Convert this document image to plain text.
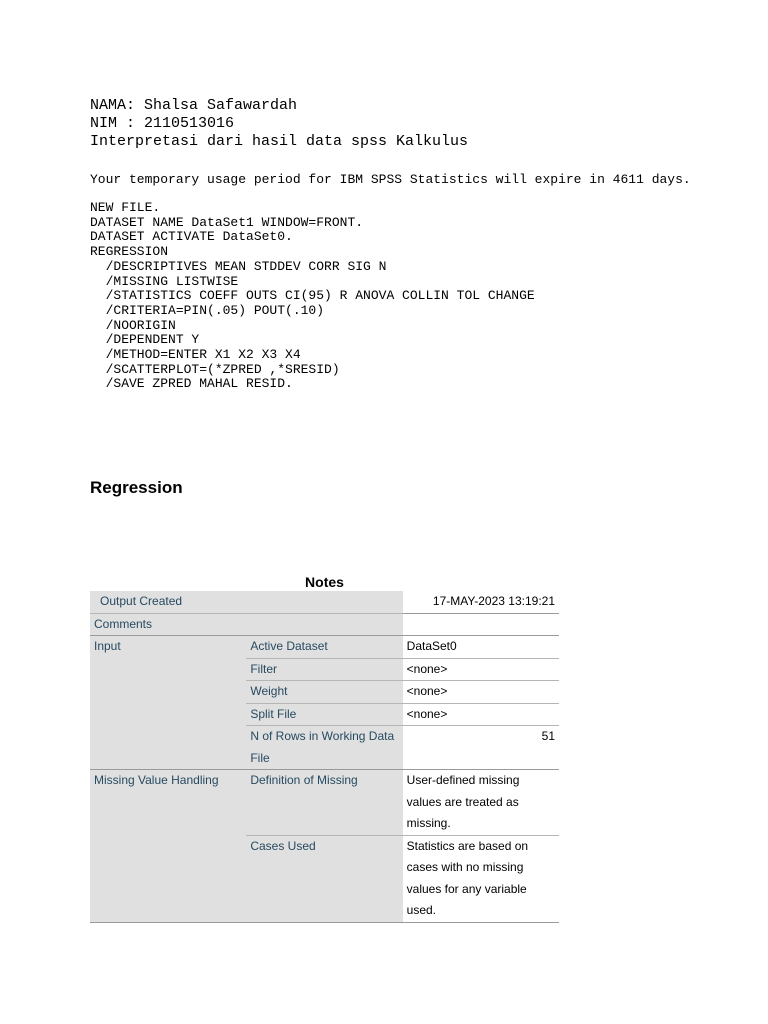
NAMA: Shalsa Safawardah
NIM : 2110513016
Interpretasi dari hasil data spss Kalkulus
Your temporary usage period for IBM SPSS Statistics will expire in 4611 days.
NEW FILE.
DATASET NAME DataSet1 WINDOW=FRONT.
DATASET ACTIVATE DataSet0.
REGRESSION
/DESCRIPTIVES MEAN STDDEV CORR SIG N
/MISSING LISTWISE
/STATISTICS COEFF OUTS CI(95) R ANOVA COLLIN TOL CHANGE
/CRITERIA=PIN(.05) POUT(.10)
/NOORIGIN
/DEPENDENT Y
/METHOD=ENTER X1 X2 X3 X4
/SCATTERPLOT=(*ZPRED ,*SRESID)
/SAVE ZPRED MAHAL RESID.
Regression
Notes
Output Created		17-MAY-2023 13:19:21
Comments		
Input	Active Dataset	DataSet0
	Filter	<none>
	Weight	<none>
	Split File	<none>
	N of Rows in Working Data File	51
Missing Value Handling	Definition of Missing	User-defined missing values are treated as missing.
	Cases Used	Statistics are based on cases with no missing values for any variable used.
